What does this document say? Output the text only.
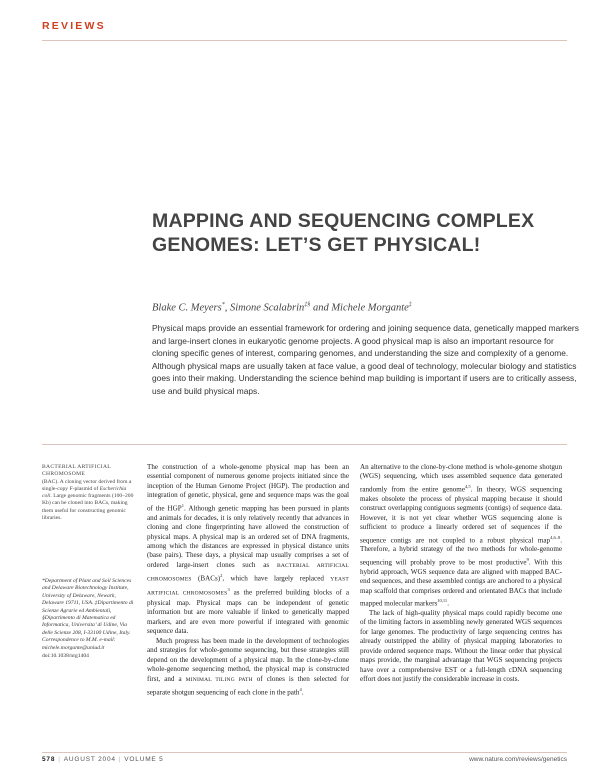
REVIEWS
MAPPING AND SEQUENCING COMPLEX GENOMES: LET’S GET PHYSICAL!
Blake C. Meyers*, Simone Scalabrin‡§ and Michele Morgante‡

Physical maps provide an essential framework for ordering and joining sequence data, genetically mapped markers and large-insert clones in eukaryotic genome projects. A good physical map is also an important resource for cloning specific genes of interest, comparing genomes, and understanding the size and complexity of a genome. Although physical maps are usually taken at face value, a good deal of technology, molecular biology and statistics goes into their making. Understanding the science behind map building is important if users are to critically assess, use and build physical maps.

BACTERIAL ARTIFICIAL CHROMOSOME
(BAC). A cloning vector derived from a single-copy F-plasmid of Escherichia coli. Large genomic fragments (100–200 Kb) can be cloned into BACs, making them useful for constructing genomic libraries.
*Department of Plant and Soil Sciences and Delaware Biotechnology Institute, University of Delaware, Newark, Delaware 19711, USA. ‡Dipartimento di Scienze Agrarie ed Ambientali, §Dipartimento di Matematica ed Informatica, Universita’ di Udine, Via delle Scienze 208, I-33100 Udine, Italy. Correspondence to M.M. e-mail: michele.morgante@uniud.it
doi:10.1038/nrg1404

The construction of a whole-genome physical map has been an essential component of numerous genome projects initiated since the inception of the Human Genome Project (HGP). The production and integration of genetic, physical, gene and sequence maps was the goal of the HGP$^1$. Although genetic mapping has been pursued in plants and animals for decades, it is only relatively recently that advances in cloning and clone fingerprinting have allowed the construction of physical maps. A physical map is an ordered set of DNA fragments, among which the distances are expressed in physical distance units (base pairs). These days, a physical map usually comprises a set of ordered large-insert clones such as BACTERIAL ARTIFICIAL CHROMOSOMES (BACs)$^2$, which have largely replaced YEAST ARTIFICIAL CHROMOSOMES$^3$ as the preferred building blocks of a physical map. Physical maps can be independent of genetic information but are more valuable if linked to genetically mapped markers, and are even more powerful if integrated with genomic sequence data.

Much progress has been made in the development of technologies and strategies for whole-genome sequencing, but these strategies still depend on the development of a physical map. In the clone-by-clone whole-genome sequencing method, the physical map is constructed first, and a MINIMAL TILING PATH of clones is then selected for separate shotgun sequencing of each clone in the path$^4$.

An alternative to the clone-by-clone method is whole-genome shotgun (WGS) sequencing, which uses assembled sequence data generated randomly from the entire genome$^{4,5}$. In theory, WGS sequencing makes obsolete the process of physical mapping because it should construct overlapping contiguous segments (contigs) of sequence data. However, it is not yet clear whether WGS sequencing alone is sufficient to produce a linearly ordered set of sequences if the sequence contigs are not coupled to a robust physical map$^{4,6-8}$. Therefore, a hybrid strategy of the two methods for whole-genome sequencing will probably prove to be most productive$^9$. With this hybrid approach, WGS sequence data are aligned with mapped BAC-end sequences, and these assembled contigs are anchored to a physical map scaffold that comprises ordered and orientated BACs that include mapped molecular markers$^{10,11}$.

The lack of high-quality physical maps could rapidly become one of the limiting factors in assembling newly generated WGS sequences for large genomes. The productivity of large sequencing centres has already outstripped the ability of physical mapping laboratories to provide ordered sequence maps. Without the linear order that physical maps provide, the marginal advantage that WGS sequencing projects have over a comprehensive EST or a full-length cDNA sequencing effort does not justify the considerable increase in costs.

578 | AUGUST 2004 | VOLUME 5	www.nature.com/reviews/genetics
